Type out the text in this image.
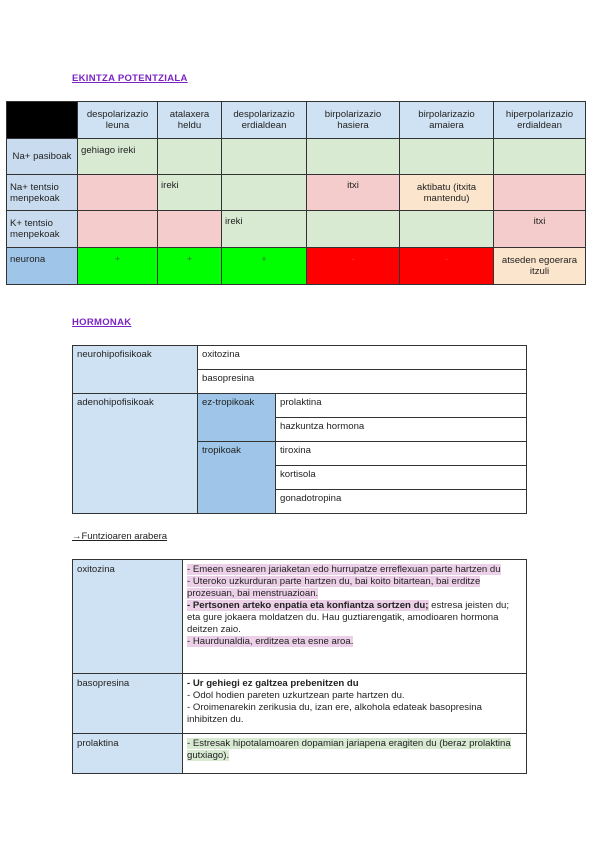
EKINTZA POTENTZIALA
	despolarizazio leuna	atalaxera heldu	despolarizazio erdialdean	birpolarizazio hasiera	birpolarizazio amaiera	hiperpolarizazio erdialdean
Na+ pasiboak	gehiago ireki					
Na+ tentsio menpekoak		ireki		itxi	aktibatu (itxita mantendu)	
K+ tentsio menpekoak			ireki			itxi
neurona	+	+	+	-	-	atseden egoerara itzuli
HORMONAK
neurohipofisikoak	oxitozina	
	basopresina	
adenohipofisikoak	ez-tropikoak	prolaktina
		hazkuntza hormona
	tropikoak	tiroxina
		kortisola
		gonadotropina
→Funtzioaren arabera
oxitozina	- Emeen esnearen jariaketan edo hurrupatze erreflexuan parte hartzen du
- Uteroko uzkurduran parte hartzen du, bai koito bitartean, bai erditze prozesuan, bai menstruazioan.
- Pertsonen arteko enpatia eta konfiantza sortzen du; estresa jeisten du; eta gure jokaera moldatzen du. Hau guztiarengatik, amodioaren hormona deitzen zaio.
- Haurdunaldia, erditzea eta esne aroa.
basopresina	- Ur gehiegi ez galtzea prebenitzen du
- Odol hodien pareten uzkurtzean parte hartzen du.
- Oroimenarekin zerikusia du, izan ere, alkohola edateak basopresina inhibitzen du.
prolaktina	- Estresak hipotalamoaren dopamian jariapena eragiten du (beraz prolaktina gutxiago).
